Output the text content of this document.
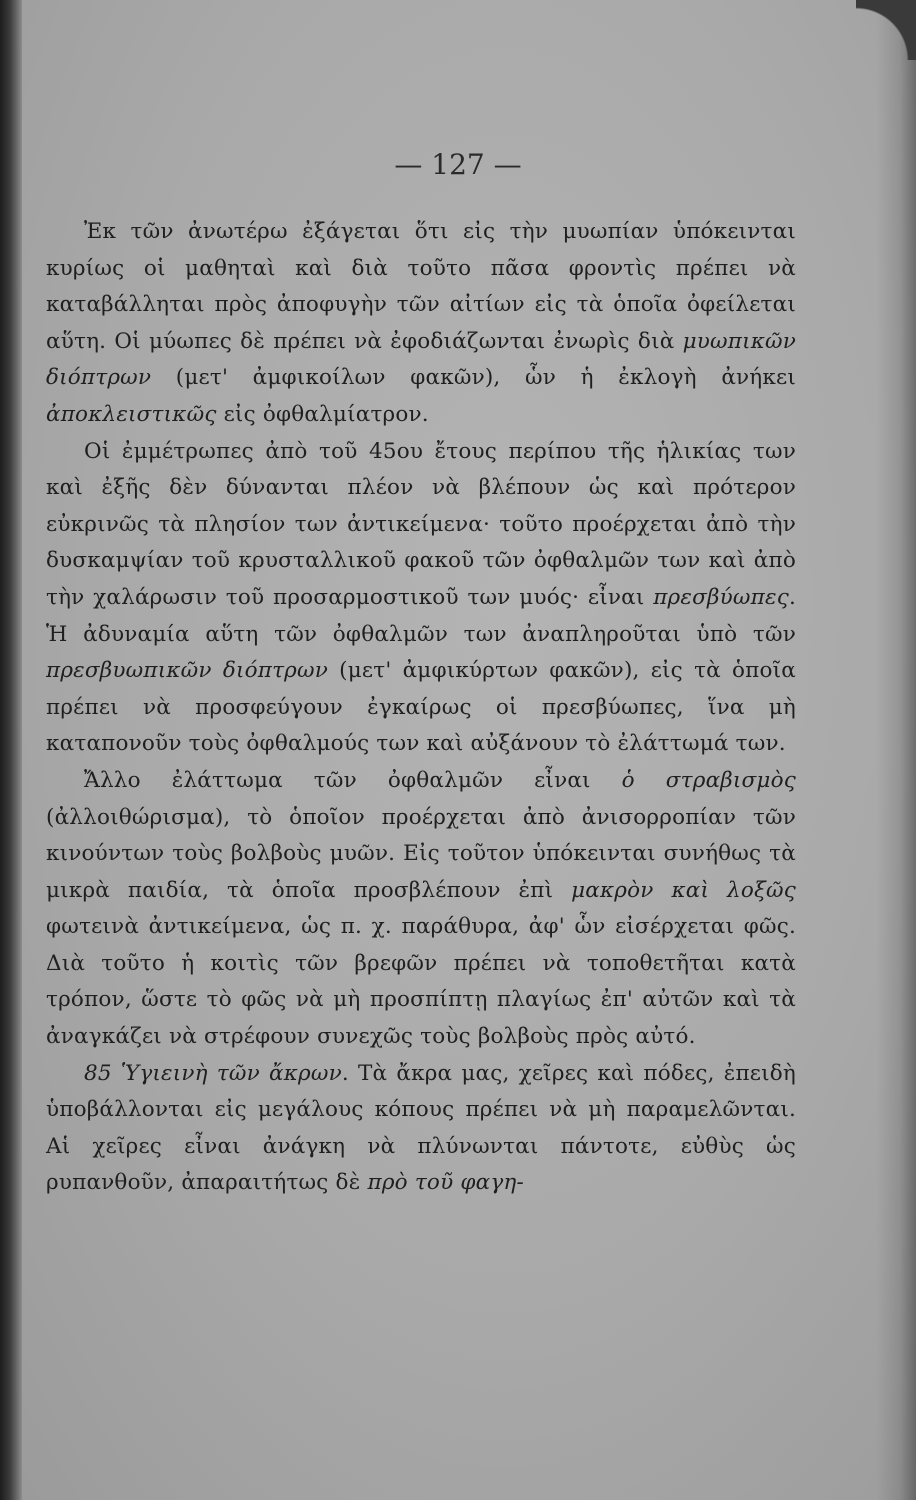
— 127 —

Ἐκ τῶν ἀνωτέρω ἐξάγεται ὅτι εἰς τὴν μυωπίαν ὑπόκεινται κυρίως οἱ μαθηταὶ καὶ διὰ τοῦτο πᾶσα φροντὶς πρέπει νὰ καταβάλληται πρὸς ἀποφυγὴν τῶν αἰτίων εἰς τὰ ὁποῖα ὀφείλεται αὕτη. Οἱ μύωπες δὲ πρέπει νὰ ἐφοδιάζωνται ἐνωρὶς διὰ μυωπικῶν διόπτρων (μετ' ἀμφικοίλων φακῶν), ὧν ἡ ἐκλογὴ ἀνήκει ἀποκλειστικῶς εἰς ὀφθαλμίατρον.

Οἱ ἐμμέτρωπες ἀπὸ τοῦ 45ου ἔτους περίπου τῆς ἡλικίας των καὶ ἐξῆς δὲν δύνανται πλέον νὰ βλέπουν ὡς καὶ πρότερον εὐκρινῶς τὰ πλησίον των ἀντικείμενα· τοῦτο προέρχεται ἀπὸ τὴν δυσκαμψίαν τοῦ κρυσταλλικοῦ φακοῦ τῶν ὀφθαλμῶν των καὶ ἀπὸ τὴν χαλάρωσιν τοῦ προσαρμοστικοῦ των μυός· εἶναι πρεσβύωπες. Ἡ ἀδυναμία αὕτη τῶν ὀφθαλμῶν των ἀναπληροῦται ὑπὸ τῶν πρεσβυωπικῶν διόπτρων (μετ' ἀμφικύρτων φακῶν), εἰς τὰ ὁποῖα πρέπει νὰ προσφεύγουν ἐγκαίρως οἱ πρεσβύωπες, ἵνα μὴ καταπονοῦν τοὺς ὀφθαλμούς των καὶ αὐξάνουν τὸ ἐλάττωμά των.

Ἄλλο ἐλάττωμα τῶν ὀφθαλμῶν εἶναι ὁ στραβισμὸς (ἀλλοιθώρισμα), τὸ ὁποῖον προέρχεται ἀπὸ ἀνισορροπίαν τῶν κινούντων τοὺς βολβοὺς μυῶν. Εἰς τοῦτον ὑπόκεινται συνήθως τὰ μικρὰ παιδία, τὰ ὁποῖα προσβλέπουν ἐπὶ μακρὸν καὶ λοξῶς φωτεινὰ ἀντικείμενα, ὡς π. χ. παράθυρα, ἀφ' ὧν εἰσέρχεται φῶς. Διὰ τοῦτο ἡ κοιτὶς τῶν βρεφῶν πρέπει νὰ τοποθετῆται κατὰ τρόπον, ὥστε τὸ φῶς νὰ μὴ προσπίπτῃ πλαγίως ἐπ' αὐτῶν καὶ τὰ ἀναγκάζει νὰ στρέφουν συνεχῶς τοὺς βολβοὺς πρὸς αὐτό.

85 Ὑγιεινὴ τῶν ἄκρων. Τὰ ἄκρα μας, χεῖρες καὶ πόδες, ἐπειδὴ ὑποβάλλονται εἰς μεγάλους κόπους πρέπει νὰ μὴ παραμελῶνται. Αἱ χεῖρες εἶναι ἀνάγκη νὰ πλύνωνται πάντοτε, εὐθὺς ὡς ρυπανθοῦν, ἀπαραιτήτως δὲ πρὸ τοῦ φαγη-
